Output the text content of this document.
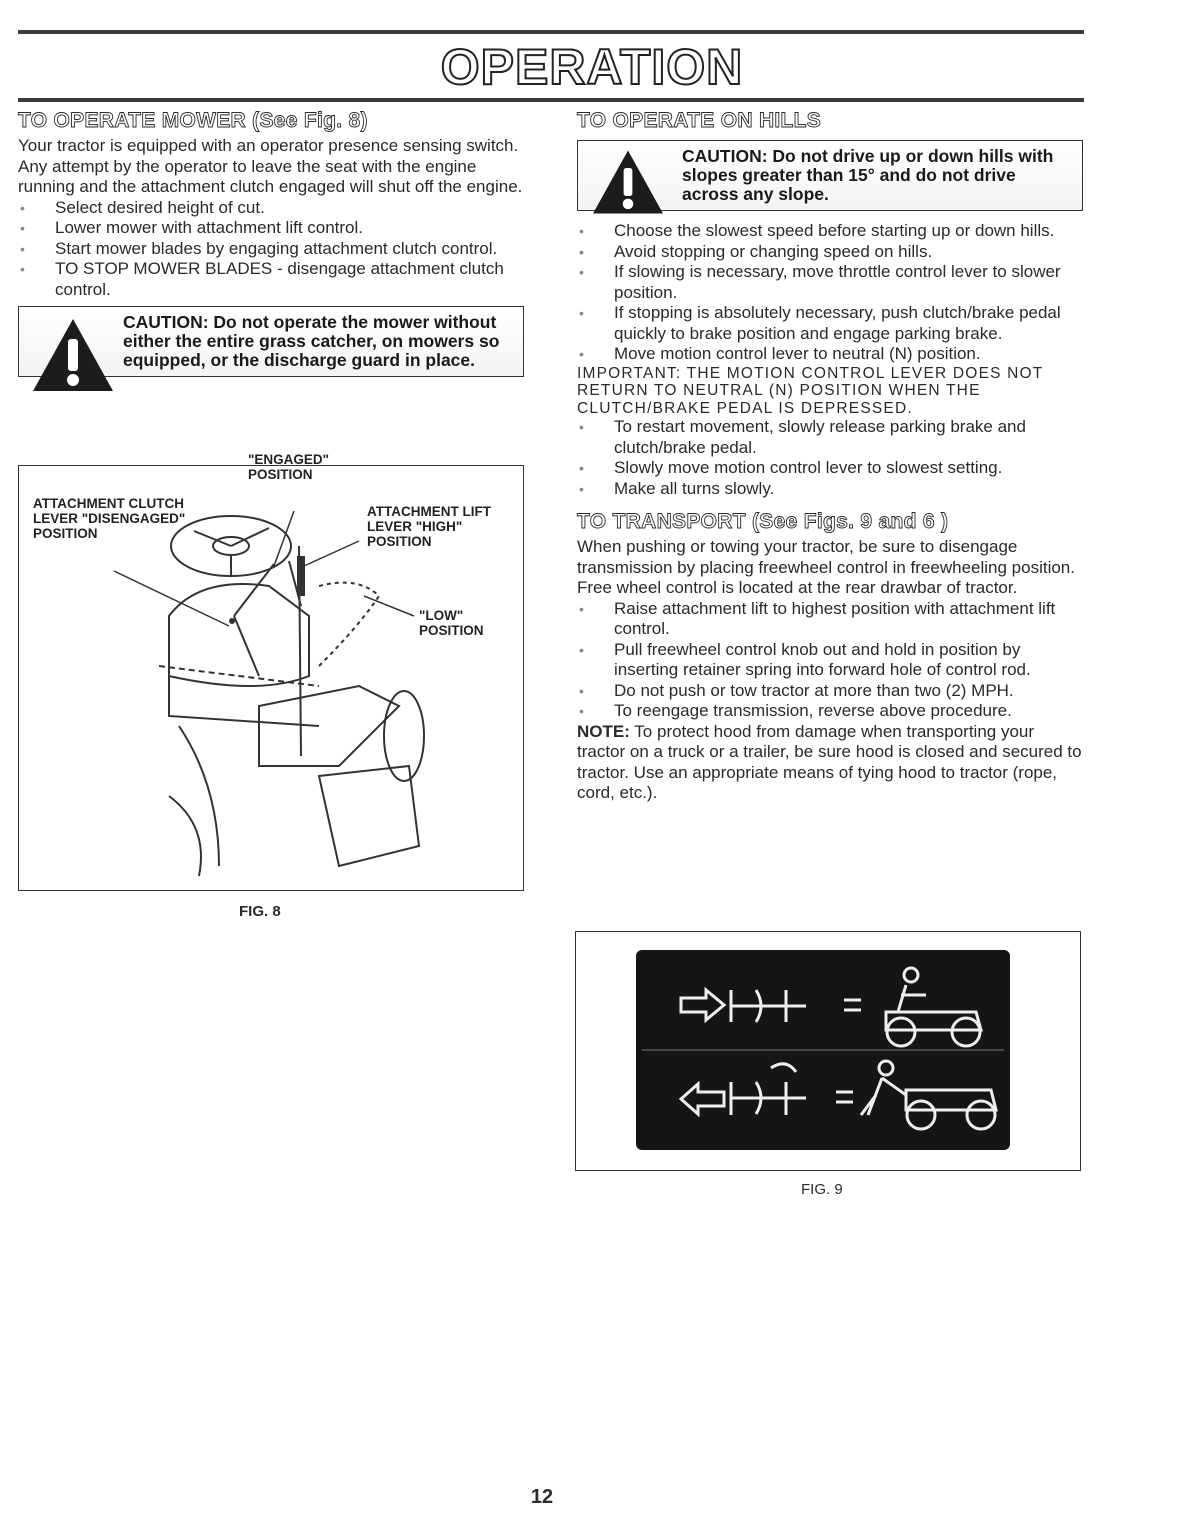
OPERATION
TO OPERATE MOWER (See Fig. 8)

Your tractor is equipped with an operator presence sensing switch. Any attempt by the operator to leave the seat with the engine running and the attachment clutch engaged will shut off the engine.

• Select desired height of cut.
• Lower mower with attachment lift control.
• Start mower blades by engaging attachment clutch control.
• TO STOP MOWER BLADES - disengage attachment clutch control.
CAUTION: Do not operate the mower without either the entire grass catcher, on mowers so equipped, or the discharge guard in place.
"ENGAGED" POSITION
ATTACHMENT CLUTCH LEVER "DISENGAGED" POSITION
ATTACHMENT LIFT LEVER "HIGH" POSITION
"LOW" POSITION
FIG. 8
TO OPERATE ON HILLS
CAUTION: Do not drive up or down hills with slopes greater than 15° and do not drive across any slope.
• Choose the slowest speed before starting up or down hills.
• Avoid stopping or changing speed on hills.
• If slowing is necessary, move throttle control lever to slower position.
• If stopping is absolutely necessary, push clutch/brake pedal quickly to brake position and engage parking brake.
• Move motion control lever to neutral (N) position.

IMPORTANT: THE MOTION CONTROL LEVER DOES NOT RETURN TO NEUTRAL (N) POSITION WHEN THE CLUTCH/BRAKE PEDAL IS DEPRESSED.

• To restart movement, slowly release parking brake and clutch/brake pedal.
• Slowly move motion control lever to slowest setting.
• Make all turns slowly.
TO TRANSPORT (See Figs. 9 and 6 )

When pushing or towing your tractor, be sure to disengage transmission by placing freewheel control in freewheeling position. Free wheel control is located at the rear drawbar of tractor.

• Raise attachment lift to highest position with attachment lift control.
• Pull freewheel control knob out and hold in position by inserting retainer spring into forward hole of control rod.
• Do not push or tow tractor at more than two (2) MPH.
• To reengage transmission, reverse above procedure.

NOTE: To protect hood from damage when transporting your tractor on a truck or a trailer, be sure hood is closed and secured to tractor. Use an appropriate means of tying hood to tractor (rope, cord, etc.).

FIG. 9
12
